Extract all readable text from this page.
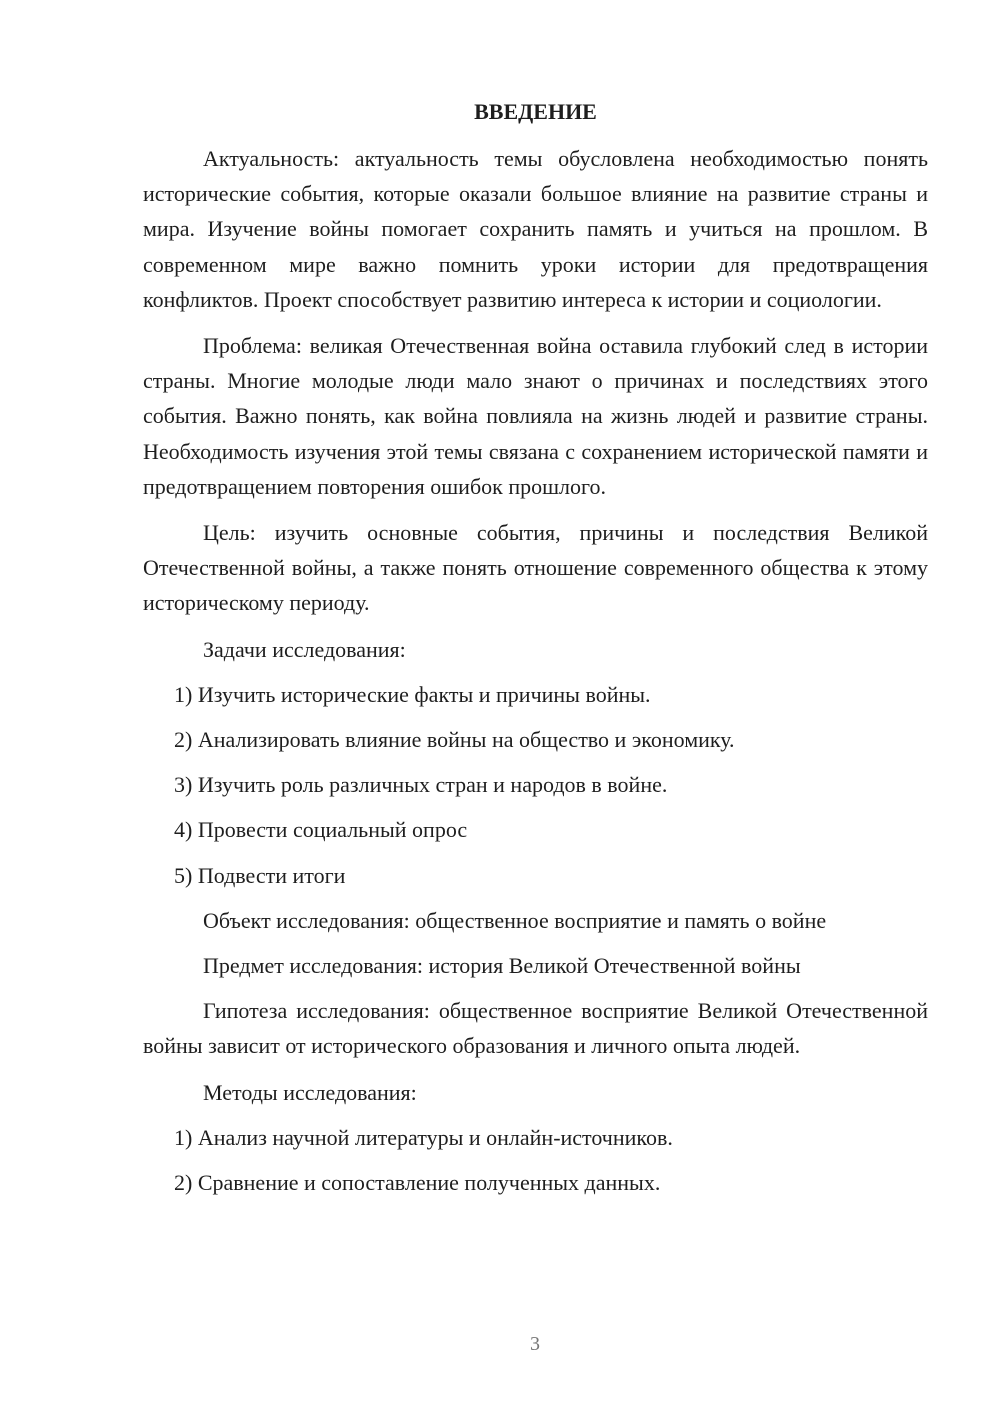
ВВЕДЕНИЕ

Актуальность: актуальность темы обусловлена необходимостью понять исторические события, которые оказали большое влияние на развитие страны и мира. Изучение войны помогает сохранить память и учиться на прошлом. В современном мире важно помнить уроки истории для предотвращения конфликтов. Проект способствует развитию интереса к истории и социологии.

Проблема: великая Отечественная война оставила глубокий след в истории страны. Многие молодые люди мало знают о причинах и последствиях этого события. Важно понять, как война повлияла на жизнь людей и развитие страны. Необходимость изучения этой темы связана с сохранением исторической памяти и предотвращением повторения ошибок прошлого.

Цель: изучить основные события, причины и последствия Великой Отечественной войны, а также понять отношение современного общества к этому историческому периоду.

Задачи исследования:
1) Изучить исторические факты и причины войны.
2) Анализировать влияние войны на общество и экономику.
3) Изучить роль различных стран и народов в войне.
4) Провести социальный опрос
5) Подвести итоги
Объект исследования: общественное восприятие и память о войне
Предмет исследования: история Великой Отечественной войны

Гипотеза исследования: общественное восприятие Великой Отечественной войны зависит от исторического образования и личного опыта людей.

Методы исследования:
1) Анализ научной литературы и онлайн-источников.
2) Сравнение и сопоставление полученных данных.
3
